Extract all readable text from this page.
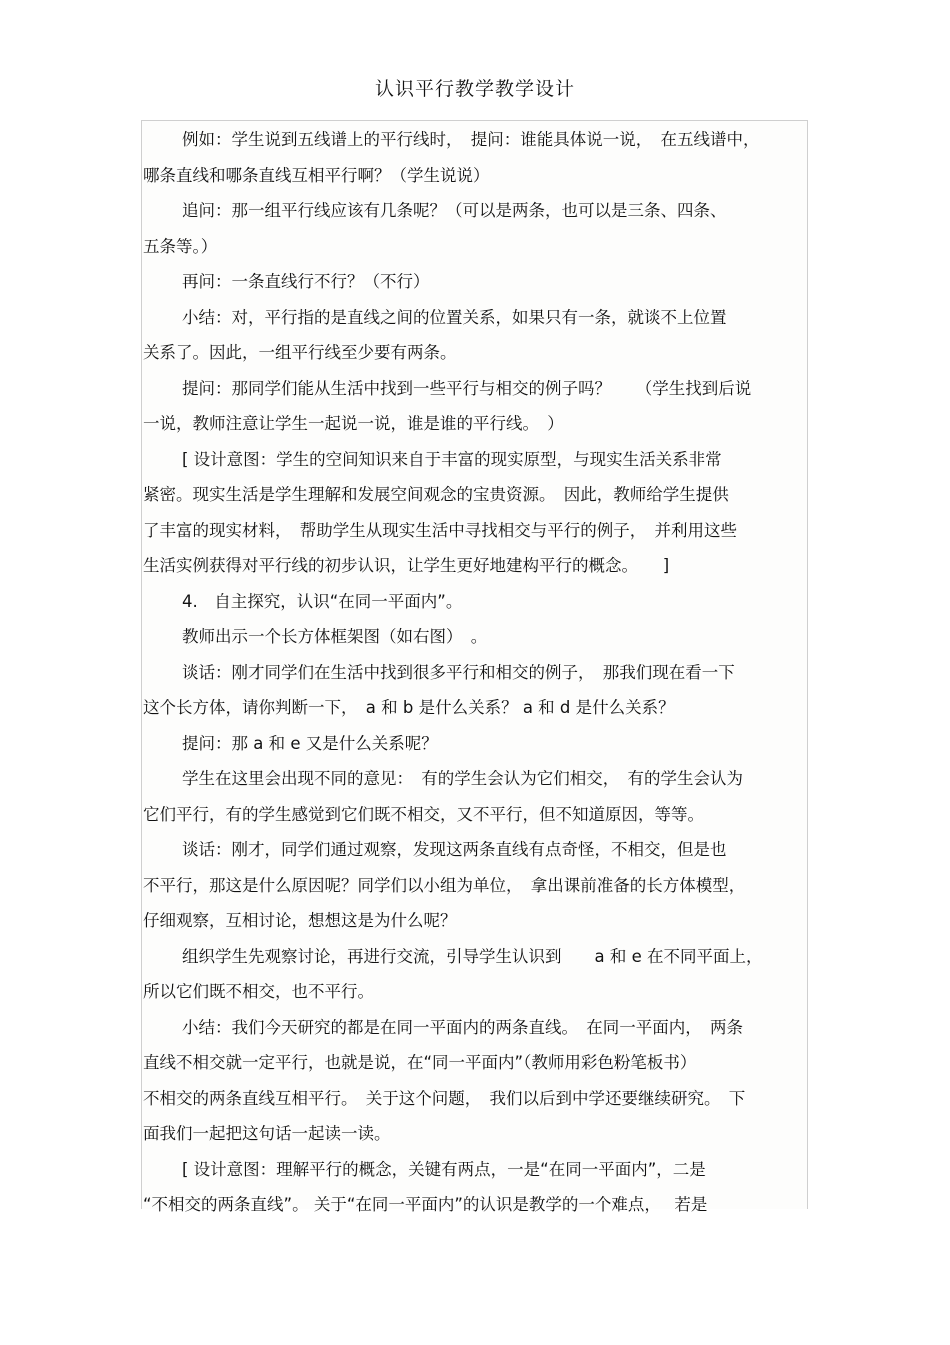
认识平行教学教学设计
例如：学生说到五线谱上的平行线时，　提问：谁能具体说一说，　在五线谱中，
哪条直线和哪条直线互相平行啊？（学生说说）
追问：那一组平行线应该有几条呢？（可以是两条，也可以是三条、四条、
五条等。）
再问：一条直线行不行？（不行）
小结：对，平行指的是直线之间的位置关系，如果只有一条，就谈不上位置
关系了。因此，一组平行线至少要有两条。
提问：那同学们能从生活中找到一些平行与相交的例子吗？　　（学生找到后说
一说，教师注意让学生一起说一说，谁是谁的平行线。　）
[ 设计意图：学生的空间知识来自于丰富的现实原型，与现实生活关系非常
紧密。现实生活是学生理解和发展空间观念的宝贵资源。　因此，教师给学生提供
了丰富的现实材料，　帮助学生从现实生活中寻找相交与平行的例子，　并利用这些
生活实例获得对平行线的初步认识，让学生更好地建构平行的概念。　　]
4.　自主探究，认识“在同一平面内”。
教师出示一个长方体框架图（如右图）　。
谈话：刚才同学们在生活中找到很多平行和相交的例子，　那我们现在看一下
这个长方体，请你判断一下，　a 和 b 是什么关系？ a 和 d 是什么关系？
提问：那 a 和 e 又是什么关系呢？
学生在这里会出现不同的意见：　有的学生会认为它们相交，　有的学生会认为
它们平行，有的学生感觉到它们既不相交，又不平行，但不知道原因，等等。
谈话：刚才，同学们通过观察，发现这两条直线有点奇怪，不相交，但是也
不平行，那这是什么原因呢？同学们以小组为单位，　拿出课前准备的长方体模型，
仔细观察，互相讨论，想想这是为什么呢？
组织学生先观察讨论，再进行交流，引导学生认识到　　a 和 e 在不同平面上，
所以它们既不相交，也不平行。
小结：我们今天研究的都是在同一平面内的两条直线。　在同一平面内，　两条
直线不相交就一定平行，也就是说，在“同一平面内”（教师用彩色粉笔板书）
不相交的两条直线互相平行。　关于这个问题，　我们以后到中学还要继续研究。　下
面我们一起把这句话一起读一读。
[ 设计意图：理解平行的概念，关键有两点，一是“在同一平面内”，二是
“不相交的两条直线”。 关于“在同一平面内”的认识是教学的一个难点，　 若是
